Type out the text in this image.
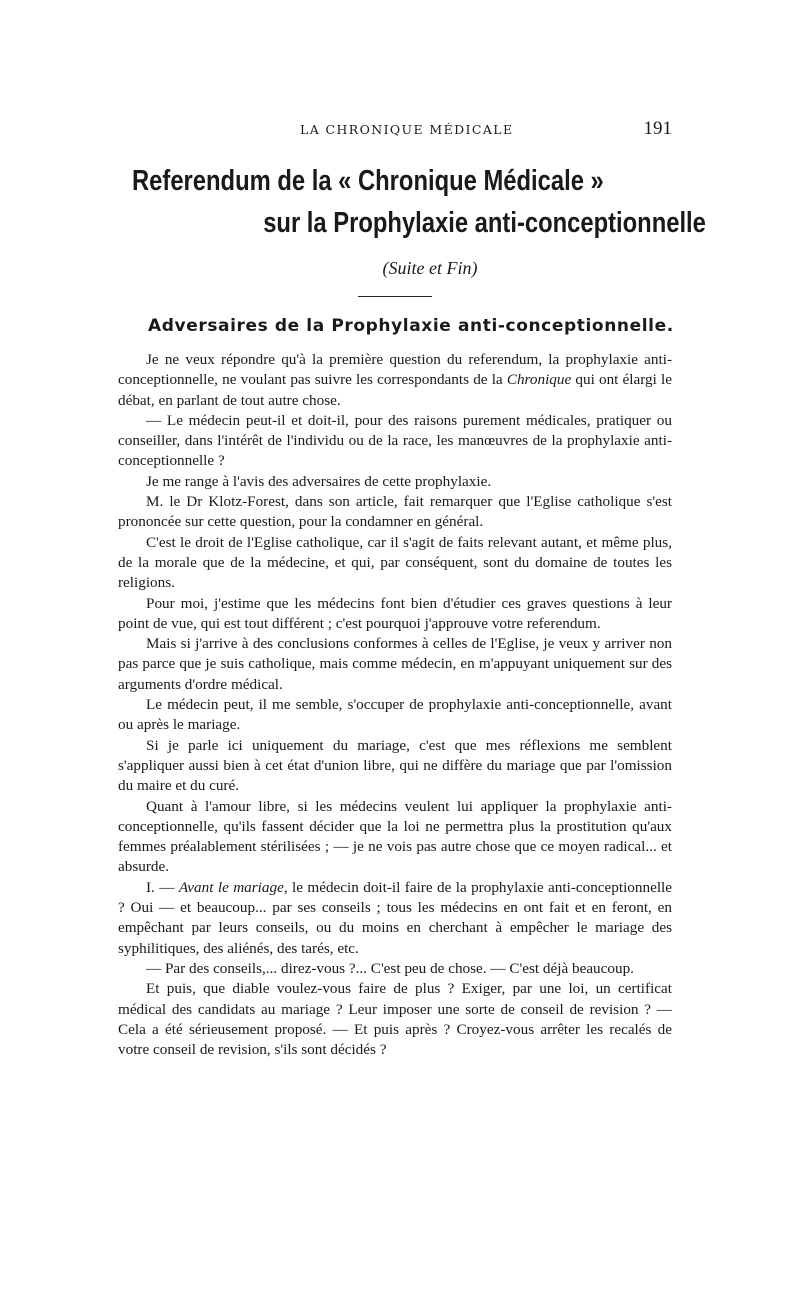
LA CHRONIQUE MÉDICALE	191
Referendum de la « Chronique Médicale »
sur la Prophylaxie anti-conceptionnelle
(Suite et Fin)
Adversaires de la Prophylaxie anti-conceptionnelle.

Je ne veux répondre qu'à la première question du referendum, la prophylaxie anti-conceptionnelle, ne voulant pas suivre les correspondants de la Chronique qui ont élargi le débat, en parlant de tout autre chose.

— Le médecin peut-il et doit-il, pour des raisons purement médicales, pratiquer ou conseiller, dans l'intérêt de l'individu ou de la race, les manœuvres de la prophylaxie anti-conceptionnelle ?

Je me range à l'avis des adversaires de cette prophylaxie.

M. le Dr Klotz-Forest, dans son article, fait remarquer que l'Eglise catholique s'est prononcée sur cette question, pour la condamner en général.

C'est le droit de l'Eglise catholique, car il s'agit de faits relevant autant, et même plus, de la morale que de la médecine, et qui, par conséquent, sont du domaine de toutes les religions.

Pour moi, j'estime que les médecins font bien d'étudier ces graves questions à leur point de vue, qui est tout différent ; c'est pourquoi j'approuve votre referendum.

Mais si j'arrive à des conclusions conformes à celles de l'Eglise, je veux y arriver non pas parce que je suis catholique, mais comme médecin, en m'appuyant uniquement sur des arguments d'ordre médical.

Le médecin peut, il me semble, s'occuper de prophylaxie anti-conceptionnelle, avant ou après le mariage.

Si je parle ici uniquement du mariage, c'est que mes réflexions me semblent s'appliquer aussi bien à cet état d'union libre, qui ne diffère du mariage que par l'omission du maire et du curé.

Quant à l'amour libre, si les médecins veulent lui appliquer la prophylaxie anti-conceptionnelle, qu'ils fassent décider que la loi ne permettra plus la prostitution qu'aux femmes préalablement stérilisées ; — je ne vois pas autre chose que ce moyen radical... et absurde.

I. — Avant le mariage, le médecin doit-il faire de la prophylaxie anti-conceptionnelle ? Oui — et beaucoup... par ses conseils ; tous les médecins en ont fait et en feront, en empêchant par leurs conseils, ou du moins en cherchant à empêcher le mariage des syphilitiques, des aliénés, des tarés, etc.

— Par des conseils,... direz-vous ?... C'est peu de chose. — C'est déjà beaucoup.

Et puis, que diable voulez-vous faire de plus ? Exiger, par une loi, un certificat médical des candidats au mariage ? Leur imposer une sorte de conseil de revision ? — Cela a été sérieusement proposé. — Et puis après ? Croyez-vous arrêter les recalés de votre conseil de revision, s'ils sont décidés ?
